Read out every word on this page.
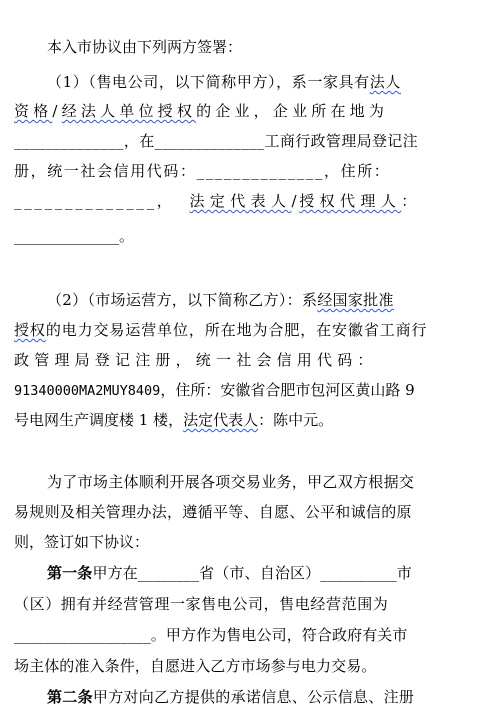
本入市协议由下列两方签署：
（1）（售电公司，以下简称甲方），系一家具有法人
资格/经法人单位授权的企业，企业所在地为
______________，在______________工商行政管理局登记注
册，统一社会信用代码：______________，住所：
______________， 法定代表人/授权代理人：
______________。
（2）（市场运营方，以下简称乙方）：系经国家批准
授权的电力交易运营单位，所在地为合肥，在安徽省工商行
政管理局登记注册，统一社会信用代码：
91340000MA2MUY8409，住所：安徽省合肥市包河区黄山路 9
号电网生产调度楼 1 楼，法定代表人：陈中元。
为了市场主体顺利开展各项交易业务，甲乙双方根据交
易规则及相关管理办法，遵循平等、自愿、公平和诚信的原
则，签订如下协议：
第一条甲方在________省（市、自治区）__________市
（区）拥有并经营管理一家售电公司，售电经营范围为
__________________。甲方作为售电公司，符合政府有关市
场主体的准入条件，自愿进入乙方市场参与电力交易。
第二条甲方对向乙方提供的承诺信息、公示信息、注册
